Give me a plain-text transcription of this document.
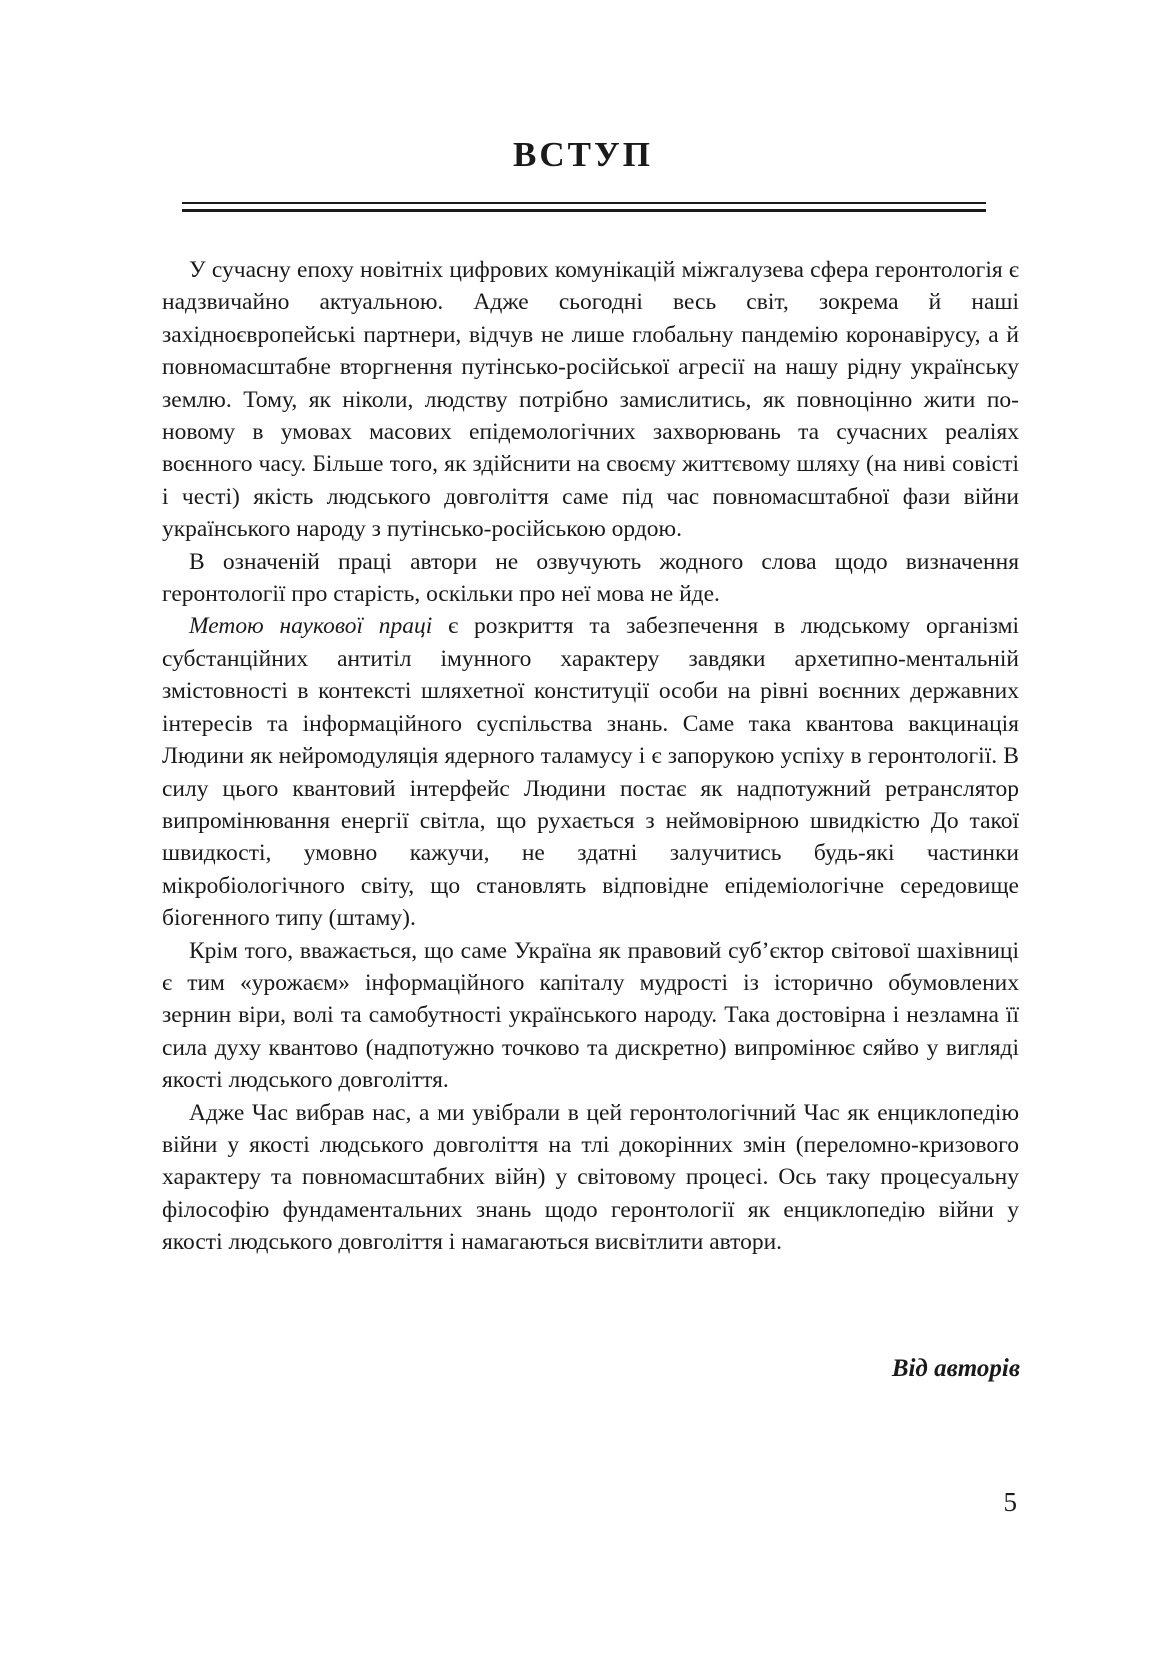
ВСТУП

У сучасну епоху новітніх цифрових комунікацій міжгалузева сфера геронтологія є надзвичайно актуальною. Адже сьогодні весь світ, зокрема й наші західноєвропейські партнери, відчув не лише глобальну пандемію коронавірусу, а й повномасштабне вторгнення путінсько-російської агресії на нашу рідну українську землю. Тому, як ніколи, людству потрібно замислитись, як повноцінно жити по-новому в умовах масових епідемологічних захворювань та сучасних реаліях воєнного часу. Більше того, як здійснити на своєму життєвому шляху (на ниві совісті і честі) якість людського довголіття саме під час повномасштабної фази війни українського народу з путінсько-російською ордою.

В означеній праці автори не озвучують жодного слова щодо визначення геронтології про старість, оскільки про неї мова не йде.

Метою наукової праці є розкриття та забезпечення в людському організмі субстанційних антитіл імунного характеру завдяки архетипно-ментальній змістовності в контексті шляхетної конституції особи на рівні воєнних державних інтересів та інформаційного суспільства знань. Саме така квантова вакцинація Людини як нейромодуляція ядерного таламусу і є запорукою успіху в геронтології. В силу цього квантовий інтерфейс Людини постає як надпотужний ретранслятор випромінювання енергії світла, що рухається з неймовірною швидкістю До такої швидкості, умовно кажучи, не здатні залучитись будь-які частинки мікробіологічного світу, що становлять відповідне епідеміологічне середовище біогенного типу (штаму).

Крім того, вважається, що саме Україна як правовий суб’єктор світової шахівниці є тим «урожаєм» інформаційного капіталу мудрості із історично обумовлених зернин віри, волі та самобутності українського народу. Така достовірна і незламна її сила духу квантово (надпотужно точково та дискретно) випромінює сяйво у вигляді якості людського довголіття.

Адже Час вибрав нас, а ми увібрали в цей геронтологічний Час як енциклопедію війни у якості людського довголіття на тлі докорінних змін (переломно-кризового характеру та повномасштабних війн) у світовому процесі. Ось таку процесуальну філософію фундаментальних знань щодо геронтології як енциклопедію війни у якості людського довголіття і намагаються висвітлити автори.

Від авторів
5
